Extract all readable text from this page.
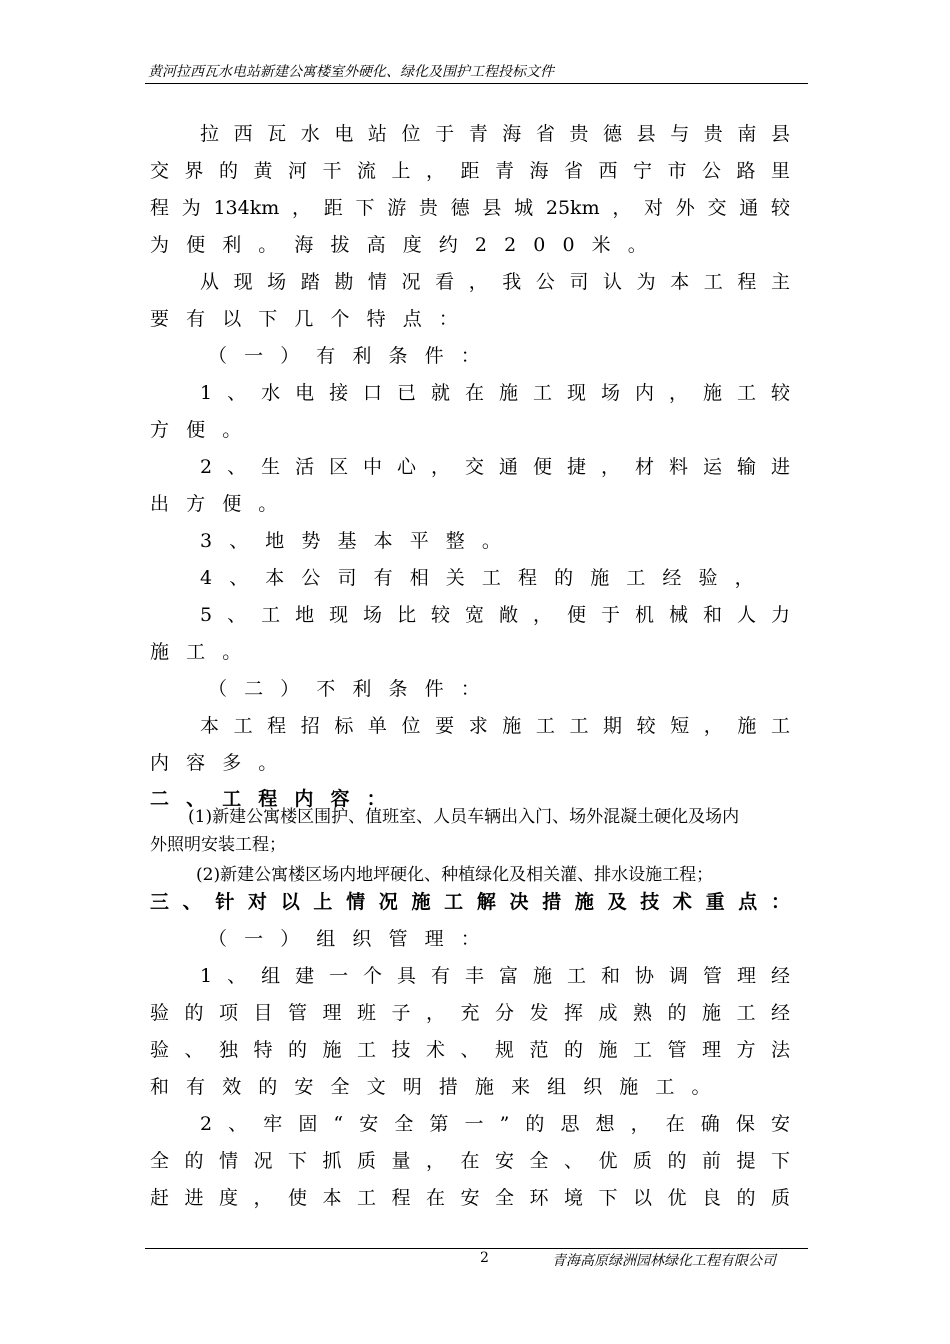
黄河拉西瓦水电站新建公寓楼室外硬化、绿化及围护工程投标文件
拉西瓦水电站位于青海省贵德县与贵南县
交界的黄河干流上，距青海省西宁市公路里
程为134km，距下游贵德县城25km，对外交通较
为便利。海拔高度约2200米。
从现场踏勘情况看，我公司认为本工程主
要有以下几个特点：
（一）有利条件：
1、水电接口已就在施工现场内，施工较
方便。
2、生活区中心，交通便捷，材料运输进
出方便。
3、地势基本平整。
4、本公司有相关工程的施工经验，
5、工地现场比较宽敞，便于机械和人力
施工。
（二）不利条件：
本工程招标单位要求施工工期较短，施工
内容多。
二、工程内容：
(1)新建公寓楼区围护、值班室、人员车辆出入门、场外混凝土硬化及场内
外照明安装工程；
(2)新建公寓楼区场内地坪硬化、种植绿化及相关灌、排水设施工程；
三、针对以上情况施工解决措施及技术重点：
（一）组织管理：
1、组建一个具有丰富施工和协调管理经
验的项目管理班子，充分发挥成熟的施工经
验、独特的施工技术、规范的施工管理方法
和有效的安全文明措施来组织施工。
2、牢固“安全第一”的思想，在确保安
全的情况下抓质量，在安全、优质的前提下
赶进度，使本工程在安全环境下以优良的质
2	青海高原绿洲园林绿化工程有限公司
